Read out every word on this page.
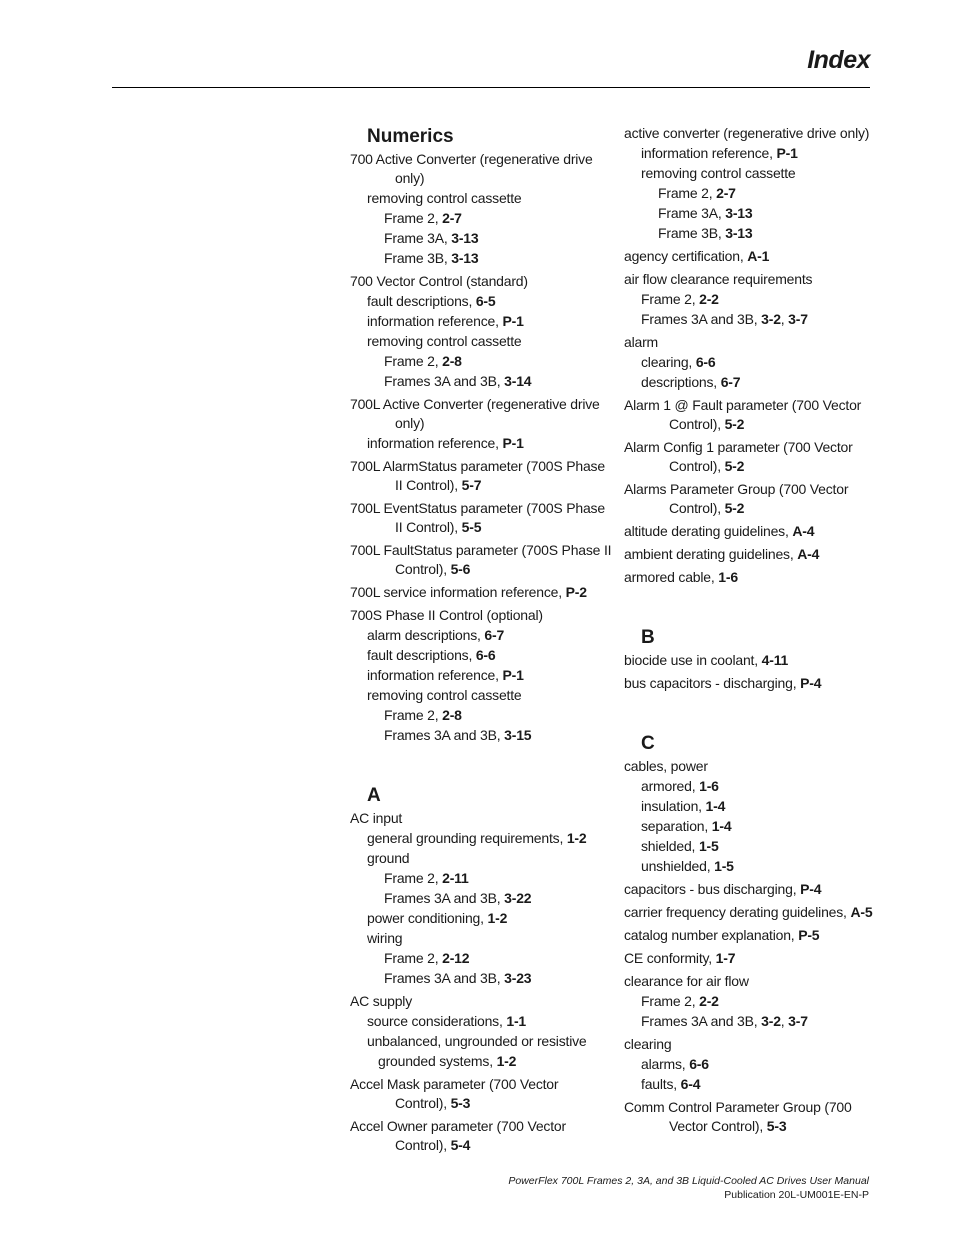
Index
Numerics
700 Active Converter (regenerative drive only)
removing control cassette
Frame 2, 2-7
Frame 3A, 3-13
Frame 3B, 3-13
700 Vector Control (standard)
fault descriptions, 6-5
information reference, P-1
removing control cassette
Frame 2, 2-8
Frames 3A and 3B, 3-14
700L Active Converter (regenerative drive only)
information reference, P-1
700L AlarmStatus parameter (700S Phase II Control), 5-7
700L EventStatus parameter (700S Phase II Control), 5-5
700L FaultStatus parameter (700S Phase II Control), 5-6
700L service information reference, P-2
700S Phase II Control (optional)
alarm descriptions, 6-7
fault descriptions, 6-6
information reference, P-1
removing control cassette
Frame 2, 2-8
Frames 3A and 3B, 3-15
A
AC input
general grounding requirements, 1-2
ground
Frame 2, 2-11
Frames 3A and 3B, 3-22
power conditioning, 1-2
wiring
Frame 2, 2-12
Frames 3A and 3B, 3-23
AC supply
source considerations, 1-1
unbalanced, ungrounded or resistive grounded systems, 1-2
Accel Mask parameter (700 Vector Control), 5-3
Accel Owner parameter (700 Vector Control), 5-4
active converter (regenerative drive only)
information reference, P-1
removing control cassette
Frame 2, 2-7
Frame 3A, 3-13
Frame 3B, 3-13
agency certification, A-1
air flow clearance requirements
Frame 2, 2-2
Frames 3A and 3B, 3-2, 3-7
alarm
clearing, 6-6
descriptions, 6-7
Alarm 1 @ Fault parameter (700 Vector Control), 5-2
Alarm Config 1 parameter (700 Vector Control), 5-2
Alarms Parameter Group (700 Vector Control), 5-2
altitude derating guidelines, A-4
ambient derating guidelines, A-4
armored cable, 1-6
B
biocide use in coolant, 4-11
bus capacitors - discharging, P-4
C
cables, power
armored, 1-6
insulation, 1-4
separation, 1-4
shielded, 1-5
unshielded, 1-5
capacitors - bus discharging, P-4
carrier frequency derating guidelines, A-5
catalog number explanation, P-5
CE conformity, 1-7
clearance for air flow
Frame 2, 2-2
Frames 3A and 3B, 3-2, 3-7
clearing
alarms, 6-6
faults, 6-4
Comm Control Parameter Group (700 Vector Control), 5-3
PowerFlex 700L Frames 2, 3A, and 3B Liquid-Cooled AC Drives User Manual
Publication 20L-UM001E-EN-P
